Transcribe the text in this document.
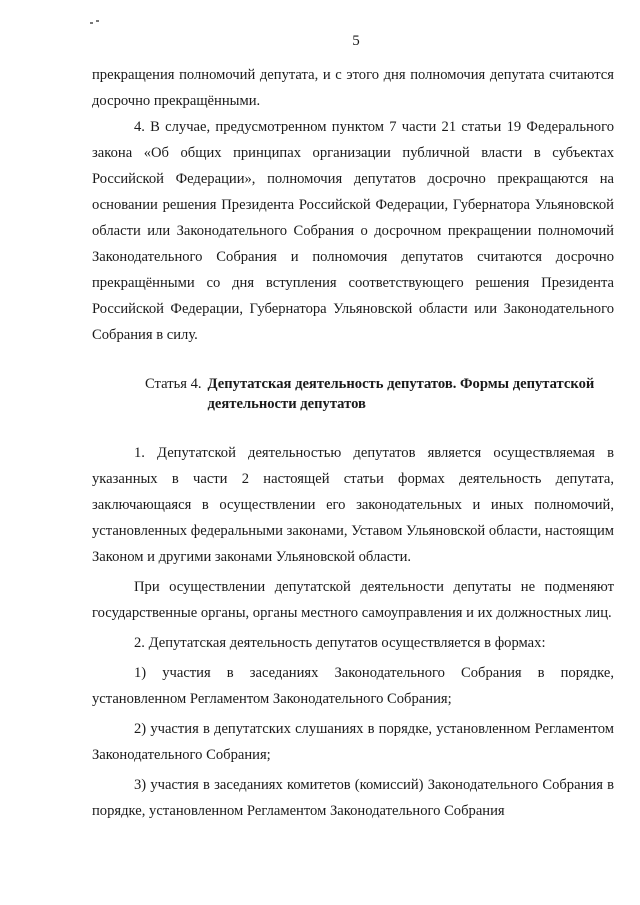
5

прекращения полномочий депутата, и с этого дня полномочия депутата считаются досрочно прекращёнными.

4. В случае, предусмотренном пунктом 7 части 21 статьи 19 Федерального закона «Об общих принципах организации публичной власти в субъектах Российской Федерации», полномочия депутатов досрочно прекращаются на основании решения Президента Российской Федерации, Губернатора Ульяновской области или Законодательного Собрания о досрочном прекращении полномочий Законодательного Собрания и полномочия депутатов считаются досрочно прекращёнными со дня вступления соответствующего решения Президента Российской Федерации, Губернатора Ульяновской области или Законодательного Собрания в силу.

Статья 4. Депутатская деятельность депутатов. Формы депутатской деятельности депутатов

1. Депутатской деятельностью депутатов является осуществляемая в указанных в части 2 настоящей статьи формах деятельность депутата, заключающаяся в осуществлении его законодательных и иных полномочий, установленных федеральными законами, Уставом Ульяновской области, настоящим Законом и другими законами Ульяновской области.

При осуществлении депутатской деятельности депутаты не подменяют государственные органы, органы местного самоуправления и их должностных лиц.

2. Депутатская деятельность депутатов осуществляется в формах:

1) участия в заседаниях Законодательного Собрания в порядке, установленном Регламентом Законодательного Собрания;

2) участия в депутатских слушаниях в порядке, установленном Регламентом Законодательного Собрания;

3) участия в заседаниях комитетов (комиссий) Законодательного Собрания в порядке, установленном Регламентом Законодательного Собрания
